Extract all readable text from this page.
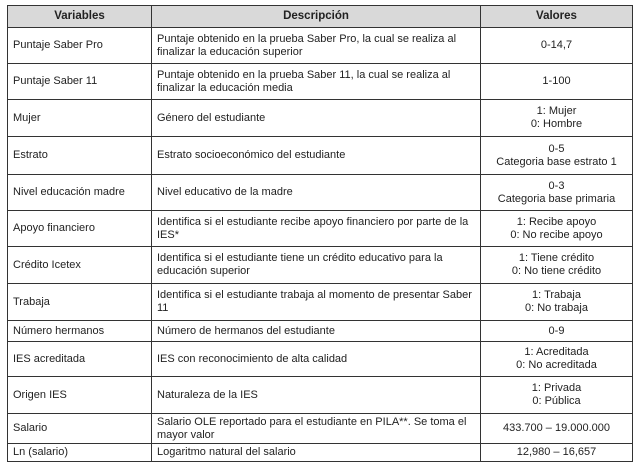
Variables	Descripción	Valores
Puntaje Saber Pro	Puntaje obtenido en la prueba Saber Pro, la cual se realiza al finalizar la educación superior	0-14,7

Puntaje Saber 11	Puntaje obtenido en la prueba Saber 11, la cual se realiza al finalizar la educación media	1-100

Mujer	Género del estudiante	1: Mujer
0: Hombre

Estrato	Estrato socioeconómico del estudiante	0-5
Categoria base estrato 1

Nivel educación madre	Nivel educativo de la madre	0-3
Categoria base primaria

Apoyo financiero	Identifica si el estudiante recibe apoyo financiero por parte de la IES*	1: Recibe apoyo
0: No recibe apoyo

Crédito Icetex	Identifica si el estudiante tiene un crédito educativo para la educación superior	1: Tiene crédito
0: No tiene crédito

Trabaja	Identifica si el estudiante trabaja al momento de presentar Saber 11	1: Trabaja
0: No trabaja

Número hermanos	Número de hermanos del estudiante	0-9

IES acreditada	IES con reconocimiento de alta calidad	1: Acreditada
0: No acreditada

Origen IES	Naturaleza de la IES	1: Privada
0: Pública

Salario	Salario OLE reportado para el estudiante en PILA**. Se toma el mayor valor	433.700 – 19.000.000

Ln (salario)	Logaritmo natural del salario	12,980 – 16,657
